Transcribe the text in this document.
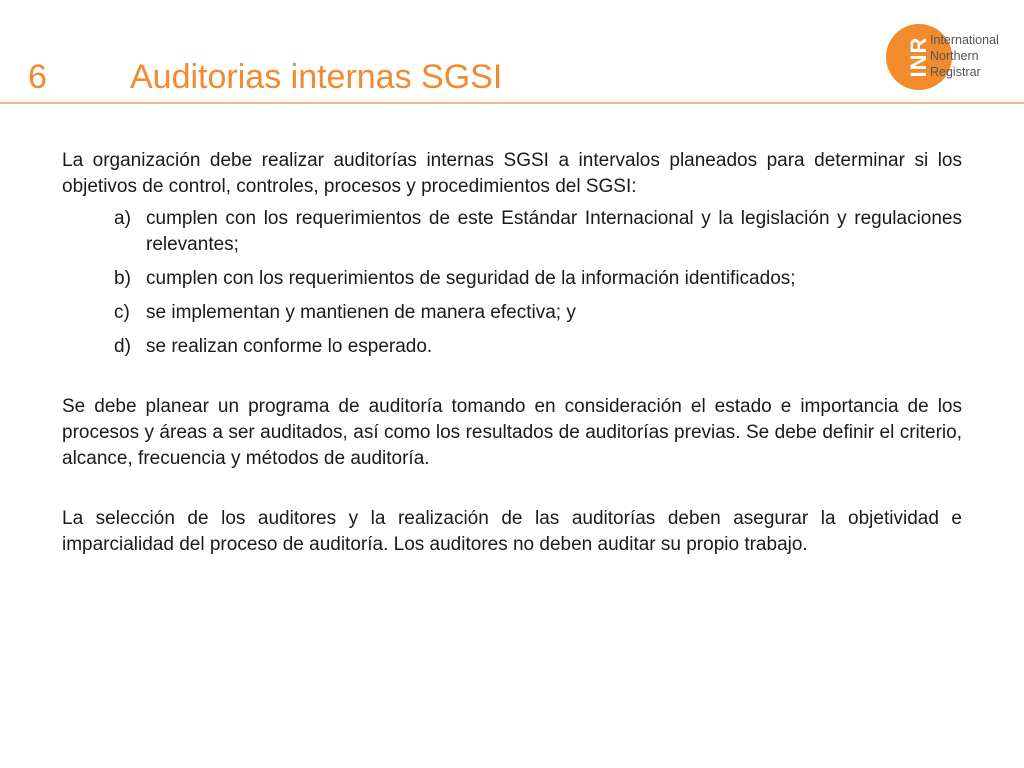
6 Auditorias internas SGSI	INR International
Northern
Registrar

La organización debe realizar auditorías internas SGSI a intervalos planeados para determinar si los objetivos de control, controles, procesos y procedimientos del SGSI:

a) cumplen con los requerimientos de este Estándar Internacional y la legislación y regulaciones relevantes;
b) cumplen con los requerimientos de seguridad de la información identificados;
c) se implementan y mantienen de manera efectiva; y
d) se realizan conforme lo esperado.

Se debe planear un programa de auditoría tomando en consideración el estado e importancia de los procesos y áreas a ser auditados, así como los resultados de auditorías previas. Se debe definir el criterio, alcance, frecuencia y métodos de auditoría.

La selección de los auditores y la realización de las auditorías deben asegurar la objetividad e imparcialidad del proceso de auditoría. Los auditores no deben auditar su propio trabajo.
